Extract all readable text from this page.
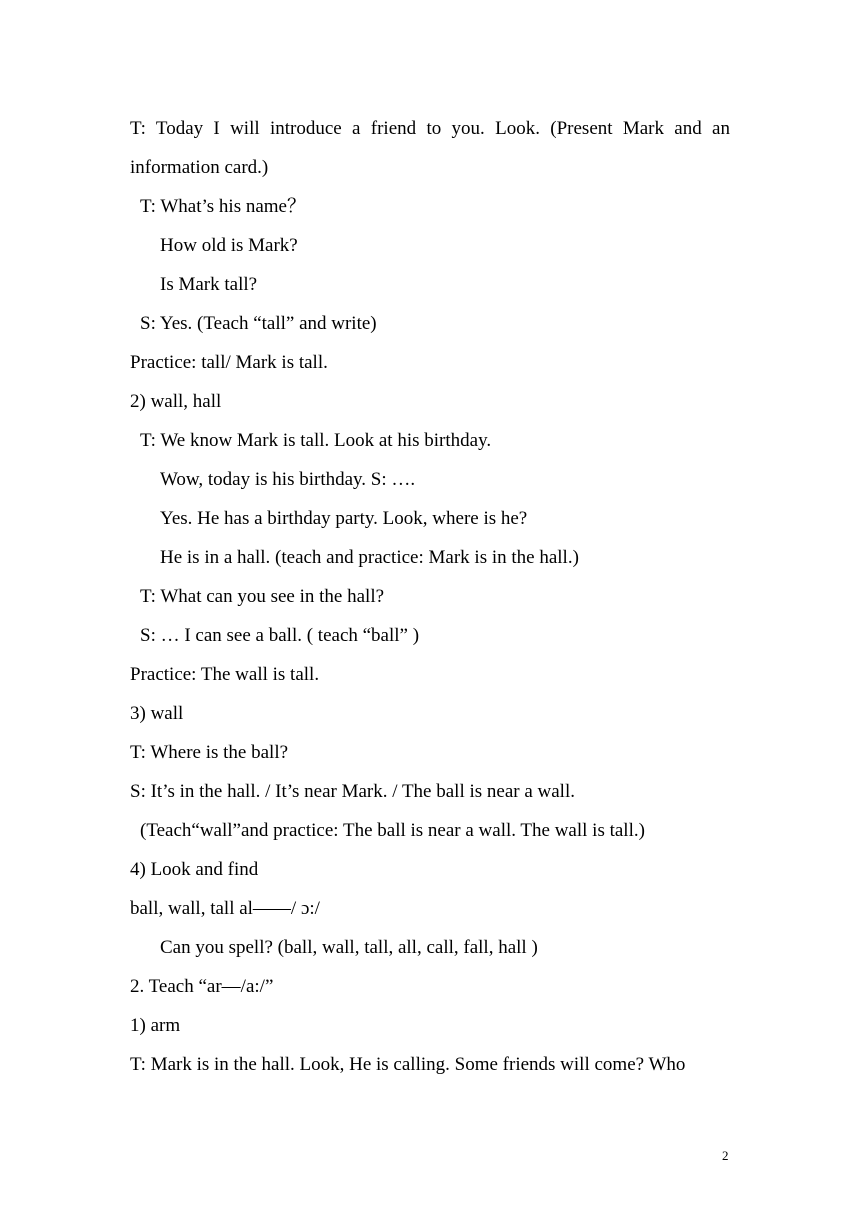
T: Today I will introduce a friend to you. Look. (Present Mark and an
information card.)
T: What’s his name？
How old is Mark?
Is Mark tall?
S: Yes. (Teach “tall” and write)
Practice: tall/ Mark is tall.
2) wall, hall
T: We know Mark is tall. Look at his birthday.
Wow, today is his birthday. S: ….
Yes. He has a birthday party. Look, where is he?
He is in a hall. (teach and practice: Mark is in the hall.)
T: What can you see in the hall?
S: … I can see a ball. ( teach “ball” )
Practice: The wall is tall.
3) wall
T: Where is the ball?
S: It’s in the hall. / It’s near Mark. / The ball is near a wall.
(Teach“wall”and practice: The ball is near a wall. The wall is tall.)
4) Look and find
ball, wall, tall al——/ ɔ:/
Can you spell? (ball, wall, tall, all, call, fall, hall )
2. Teach “ar—/a:/”
1) arm
T: Mark is in the hall. Look, He is calling. Some friends will come? Who
2
